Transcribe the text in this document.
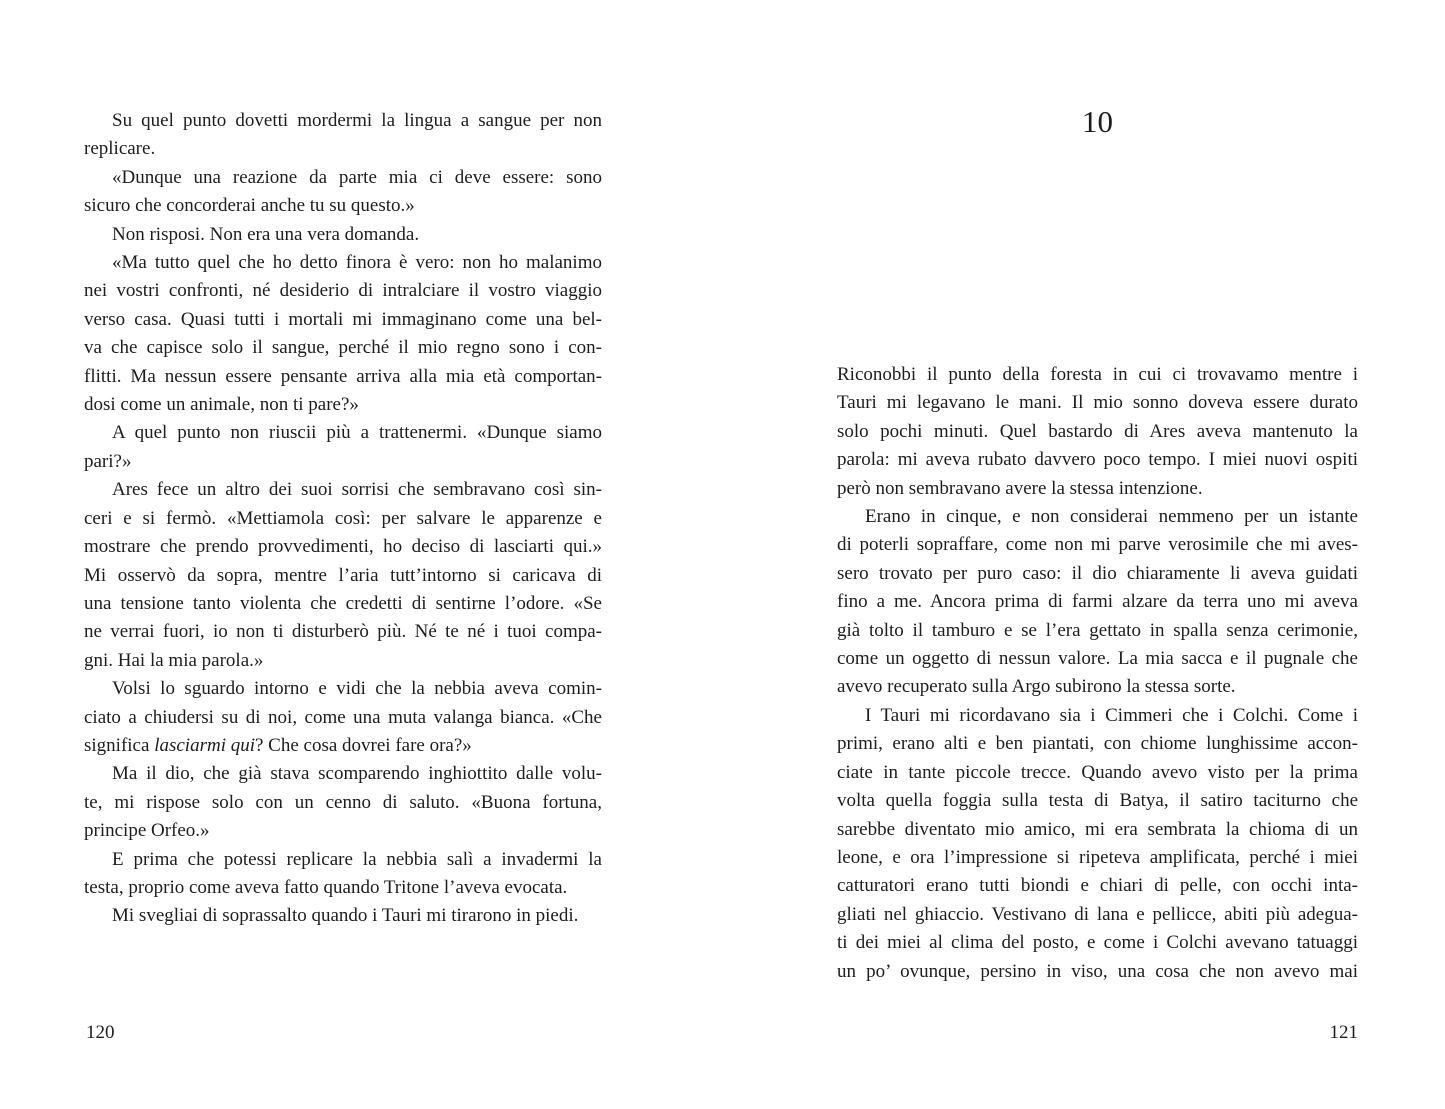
Su quel punto dovetti mordermi la lingua a sangue per non
replicare.
«Dunque una reazione da parte mia ci deve essere: sono
sicuro che concorderai anche tu su questo.»
Non risposi. Non era una vera domanda.
«Ma tutto quel che ho detto finora è vero: non ho malanimo
nei vostri confronti, né desiderio di intralciare il vostro viaggio
verso casa. Quasi tutti i mortali mi immaginano come una bel-
va che capisce solo il sangue, perché il mio regno sono i con-
flitti. Ma nessun essere pensante arriva alla mia età comportan-
dosi come un animale, non ti pare?»
A quel punto non riuscii più a trattenermi. «Dunque siamo
pari?»
Ares fece un altro dei suoi sorrisi che sembravano così sin-
ceri e si fermò. «Mettiamola così: per salvare le apparenze e
mostrare che prendo provvedimenti, ho deciso di lasciarti qui.»
Mi osservò da sopra, mentre l’aria tutt’intorno si caricava di
una tensione tanto violenta che credetti di sentirne l’odore. «Se
ne verrai fuori, io non ti disturberò più. Né te né i tuoi compa-
gni. Hai la mia parola.»
Volsi lo sguardo intorno e vidi che la nebbia aveva comin-
ciato a chiudersi su di noi, come una muta valanga bianca. «Che
significa lasciarmi qui? Che cosa dovrei fare ora?»
Ma il dio, che già stava scomparendo inghiottito dalle volu-
te, mi rispose solo con un cenno di saluto. «Buona fortuna,
principe Orfeo.»
E prima che potessi replicare la nebbia salì a invadermi la
testa, proprio come aveva fatto quando Tritone l’aveva evocata.
Mi svegliai di soprassalto quando i Tauri mi tirarono in piedi.
120
10
Riconobbi il punto della foresta in cui ci trovavamo mentre i
Tauri mi legavano le mani. Il mio sonno doveva essere durato
solo pochi minuti. Quel bastardo di Ares aveva mantenuto la
parola: mi aveva rubato davvero poco tempo. I miei nuovi ospiti
però non sembravano avere la stessa intenzione.
Erano in cinque, e non considerai nemmeno per un istante
di poterli sopraffare, come non mi parve verosimile che mi aves-
sero trovato per puro caso: il dio chiaramente li aveva guidati
fino a me. Ancora prima di farmi alzare da terra uno mi aveva
già tolto il tamburo e se l’era gettato in spalla senza cerimonie,
come un oggetto di nessun valore. La mia sacca e il pugnale che
avevo recuperato sulla Argo subirono la stessa sorte.
I Tauri mi ricordavano sia i Cimmeri che i Colchi. Come i
primi, erano alti e ben piantati, con chiome lunghissime accon-
ciate in tante piccole trecce. Quando avevo visto per la prima
volta quella foggia sulla testa di Batya, il satiro taciturno che
sarebbe diventato mio amico, mi era sembrata la chioma di un
leone, e ora l’impressione si ripeteva amplificata, perché i miei
catturatori erano tutti biondi e chiari di pelle, con occhi inta-
gliati nel ghiaccio. Vestivano di lana e pellicce, abiti più adegua-
ti dei miei al clima del posto, e come i Colchi avevano tatuaggi
un po’ ovunque, persino in viso, una cosa che non avevo mai
121
